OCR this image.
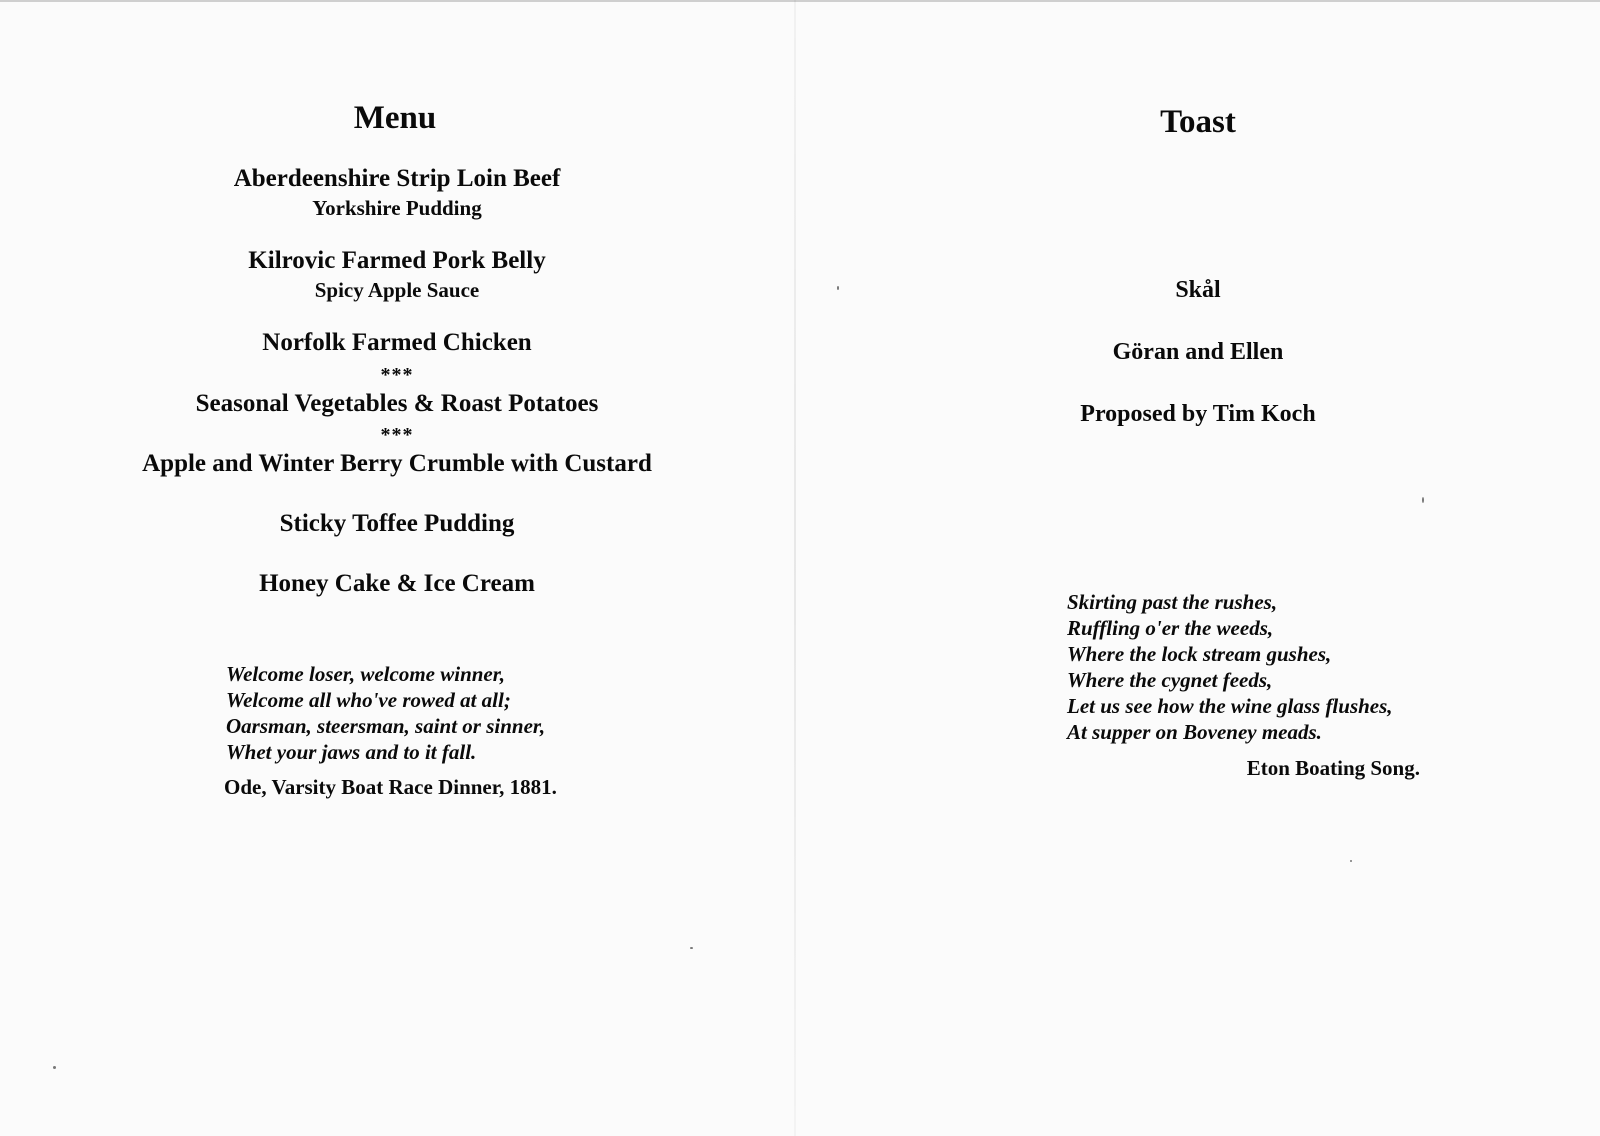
Menu

Aberdeenshire Strip Loin Beef

Yorkshire Pudding

Kilrovic Farmed Pork Belly

Spicy Apple Sauce

Norfolk Farmed Chicken

***

Seasonal Vegetables & Roast Potatoes

***

Apple and Winter Berry Crumble with Custard

Sticky Toffee Pudding

Honey Cake & Ice Cream

Welcome loser, welcome winner,
Welcome all who've rowed at all;
Oarsman, steersman, saint or sinner,
Whet your jaws and to it fall.

Ode, Varsity Boat Race Dinner, 1881.

Toast

Skål

Göran and Ellen

Proposed by Tim Koch

Skirting past the rushes,
Ruffling o'er the weeds,
Where the lock stream gushes,
Where the cygnet feeds,
Let us see how the wine glass flushes,
At supper on Boveney meads.

Eton Boating Song.
